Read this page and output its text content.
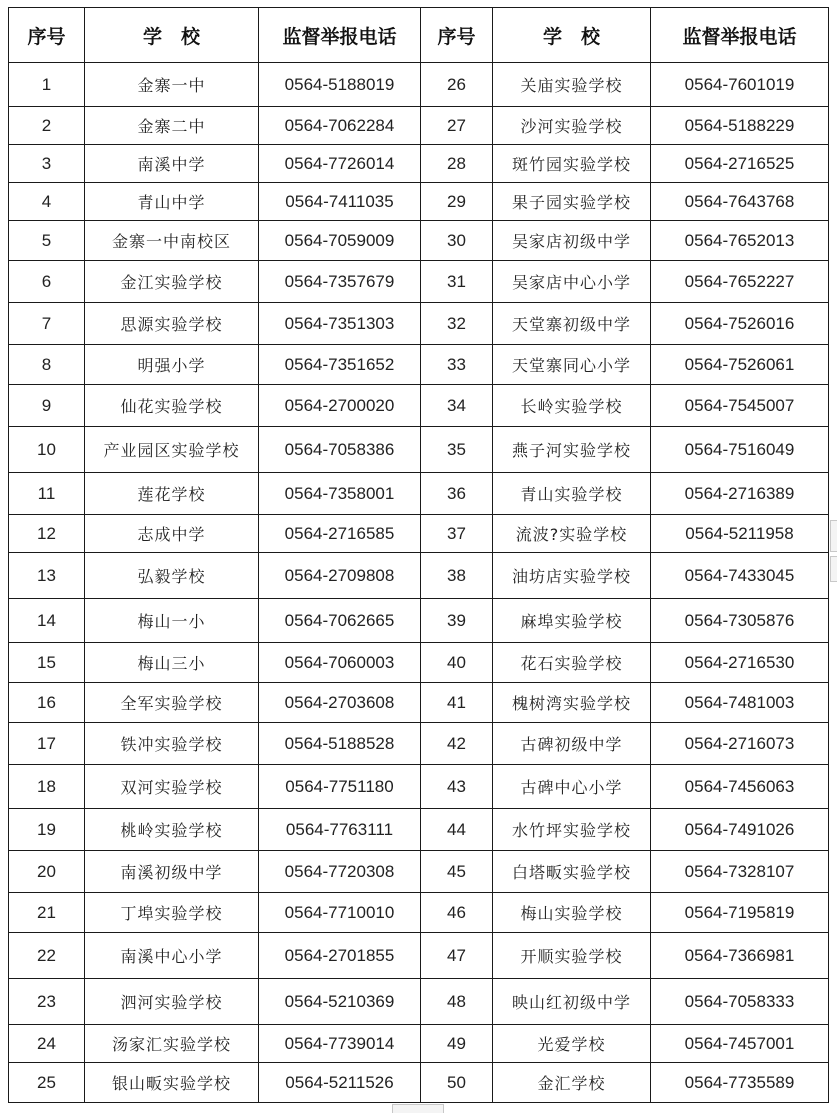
序号	学　校	监督举报电话	序号	学　校	监督举报电话
1	金寨一中	0564-5188019	26	关庙实验学校	0564-7601019
2	金寨二中	0564-7062284	27	沙河实验学校	0564-5188229
3	南溪中学	0564-7726014	28	斑竹园实验学校	0564-2716525
4	青山中学	0564-7411035	29	果子园实验学校	0564-7643768
5	金寨一中南校区	0564-7059009	30	吴家店初级中学	0564-7652013
6	金江实验学校	0564-7357679	31	吴家店中心小学	0564-7652227
7	思源实验学校	0564-7351303	32	天堂寨初级中学	0564-7526016
8	明强小学	0564-7351652	33	天堂寨同心小学	0564-7526061
9	仙花实验学校	0564-2700020	34	长岭实验学校	0564-7545007
10	产业园区实验学校	0564-7058386	35	燕子河实验学校	0564-7516049
11	莲花学校	0564-7358001	36	青山实验学校	0564-2716389
12	志成中学	0564-2716585	37	流波?实验学校	0564-5211958
13	弘毅学校	0564-2709808	38	油坊店实验学校	0564-7433045
14	梅山一小	0564-7062665	39	麻埠实验学校	0564-7305876
15	梅山三小	0564-7060003	40	花石实验学校	0564-2716530
16	全军实验学校	0564-2703608	41	槐树湾实验学校	0564-7481003
17	铁冲实验学校	0564-5188528	42	古碑初级中学	0564-2716073
18	双河实验学校	0564-7751180	43	古碑中心小学	0564-7456063
19	桃岭实验学校	0564-7763111	44	水竹坪实验学校	0564-7491026
20	南溪初级中学	0564-7720308	45	白塔畈实验学校	0564-7328107
21	丁埠实验学校	0564-7710010	46	梅山实验学校	0564-7195819
22	南溪中心小学	0564-2701855	47	开顺实验学校	0564-7366981
23	泗河实验学校	0564-5210369	48	映山红初级中学	0564-7058333
24	汤家汇实验学校	0564-7739014	49	光爱学校	0564-7457001
25	银山畈实验学校	0564-5211526	50	金汇学校	0564-7735589
